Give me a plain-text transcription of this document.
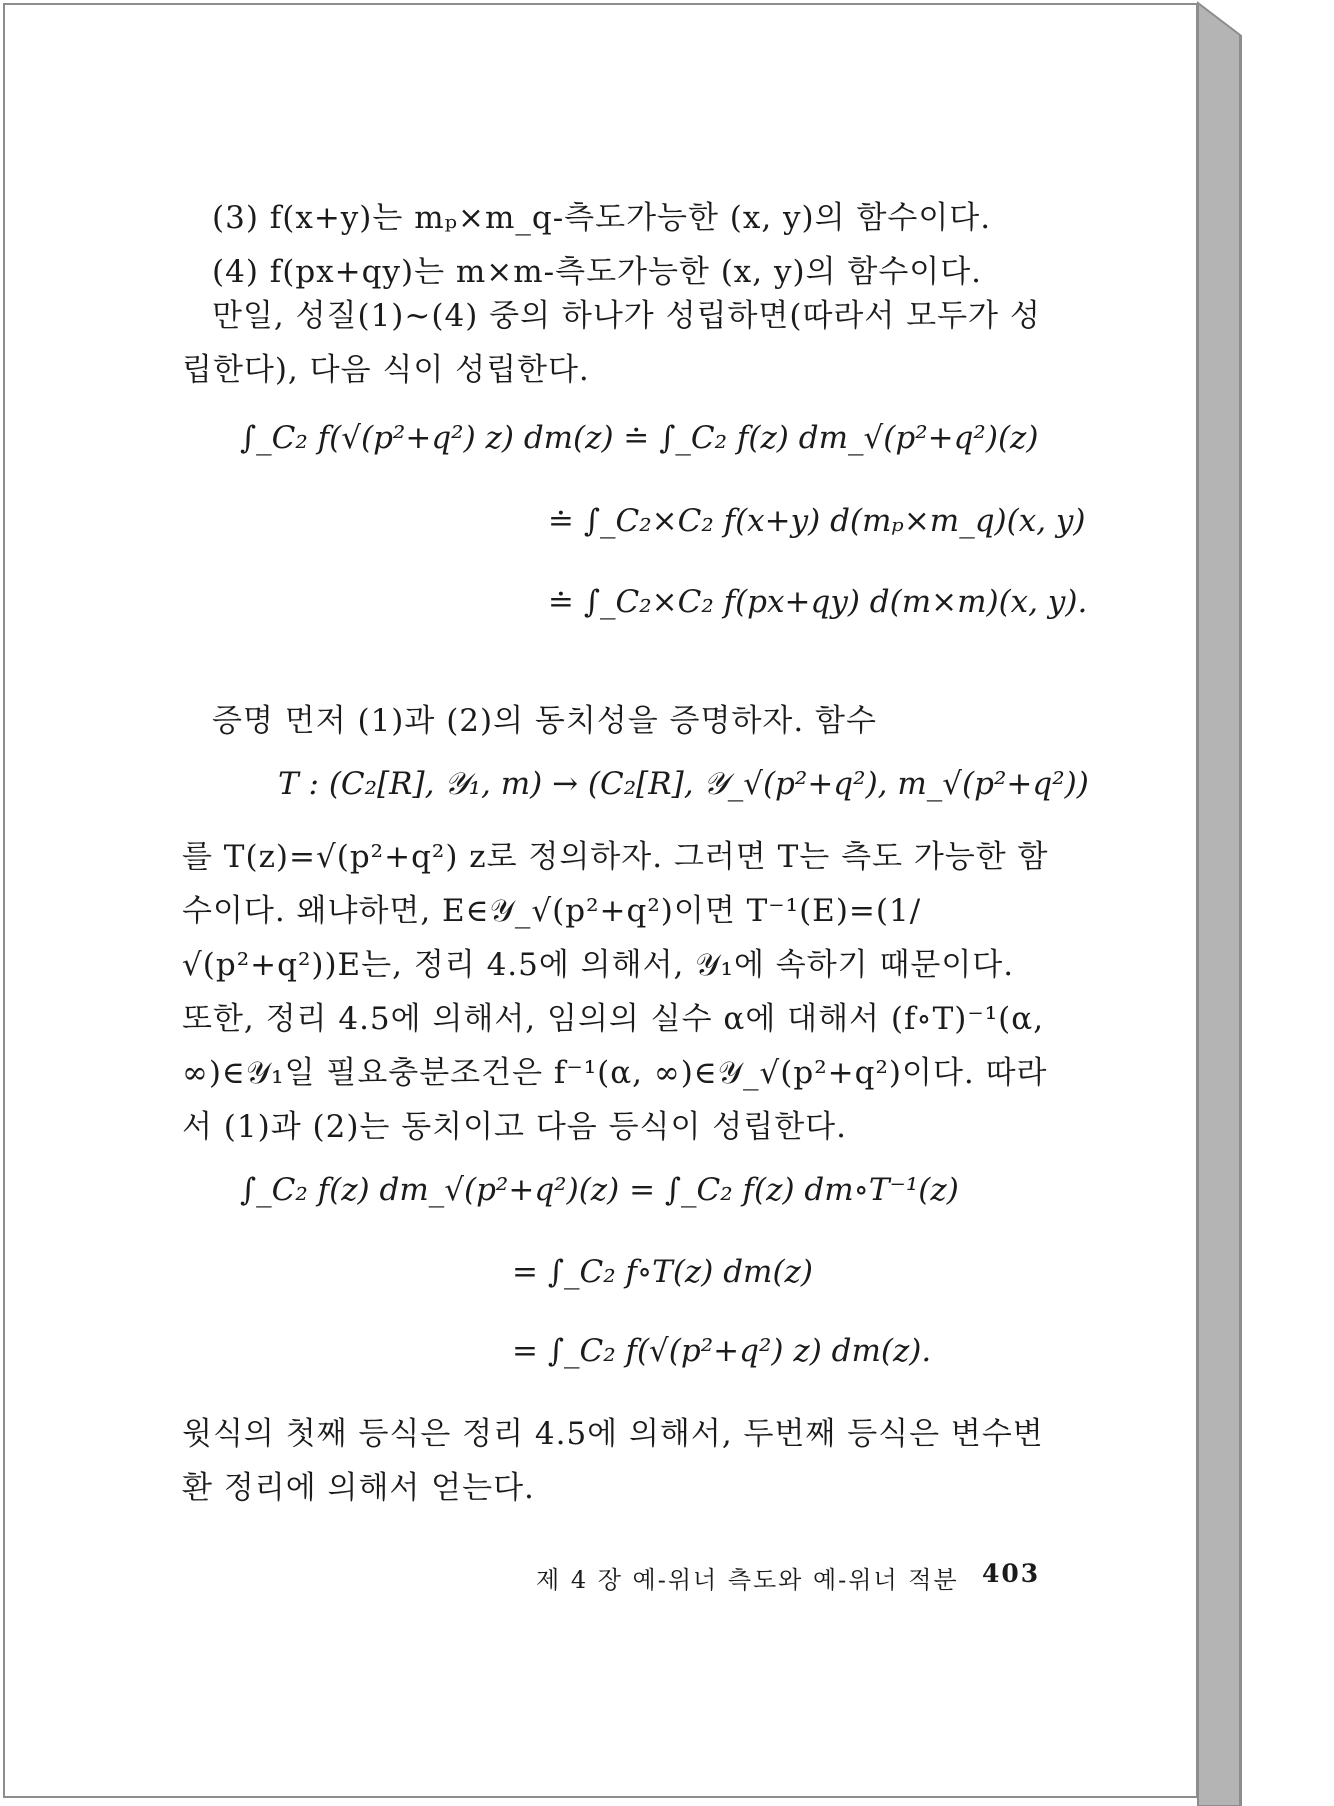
(3) f(x+y)는 mₚ×m_q-측도가능한 (x, y)의 함수이다.
(4) f(px+qy)는 m×m-측도가능한 (x, y)의 함수이다.

만일, 성질(1)~(4) 중의 하나가 성립하면(따라서 모두가 성립한다), 다음 식이 성립한다.

∫_C₂ f(√(p²+q²) z) dm(z) ≐ ∫_C₂ f(z) dm_√(p²+q²)(z)
≐ ∫_C₂×C₂ f(x+y) d(mₚ×m_q)(x, y)
≐ ∫_C₂×C₂ f(px+qy) d(m×m)(x, y).
증명 먼저 (1)과 (2)의 동치성을 증명하자. 함수
T : (C₂[R], 𝒴₁, m) → (C₂[R], 𝒴_√(p²+q²), m_√(p²+q²))

를 T(z)=√(p²+q²) z로 정의하자. 그러면 T는 측도 가능한 함수이다. 왜냐하면, E∈𝒴_√(p²+q²)이면 T⁻¹(E)=(1/√(p²+q²))E는, 정리 4.5에 의해서, 𝒴₁에 속하기 때문이다. 또한, 정리 4.5에 의해서, 임의의 실수 α에 대해서 (f∘T)⁻¹(α, ∞)∈𝒴₁일 필요충분조건은 f⁻¹(α, ∞)∈𝒴_√(p²+q²)이다. 따라서 (1)과 (2)는 동치이고 다음 등식이 성립한다.

∫_C₂ f(z) dm_√(p²+q²)(z) = ∫_C₂ f(z) dm∘T⁻¹(z)
= ∫_C₂ f∘T(z) dm(z)
= ∫_C₂ f(√(p²+q²) z) dm(z).

윗식의 첫째 등식은 정리 4.5에 의해서, 두번째 등식은 변수변환 정리에 의해서 얻는다.

제 4 장 예-위너 측도와 예-위너 적분 403
